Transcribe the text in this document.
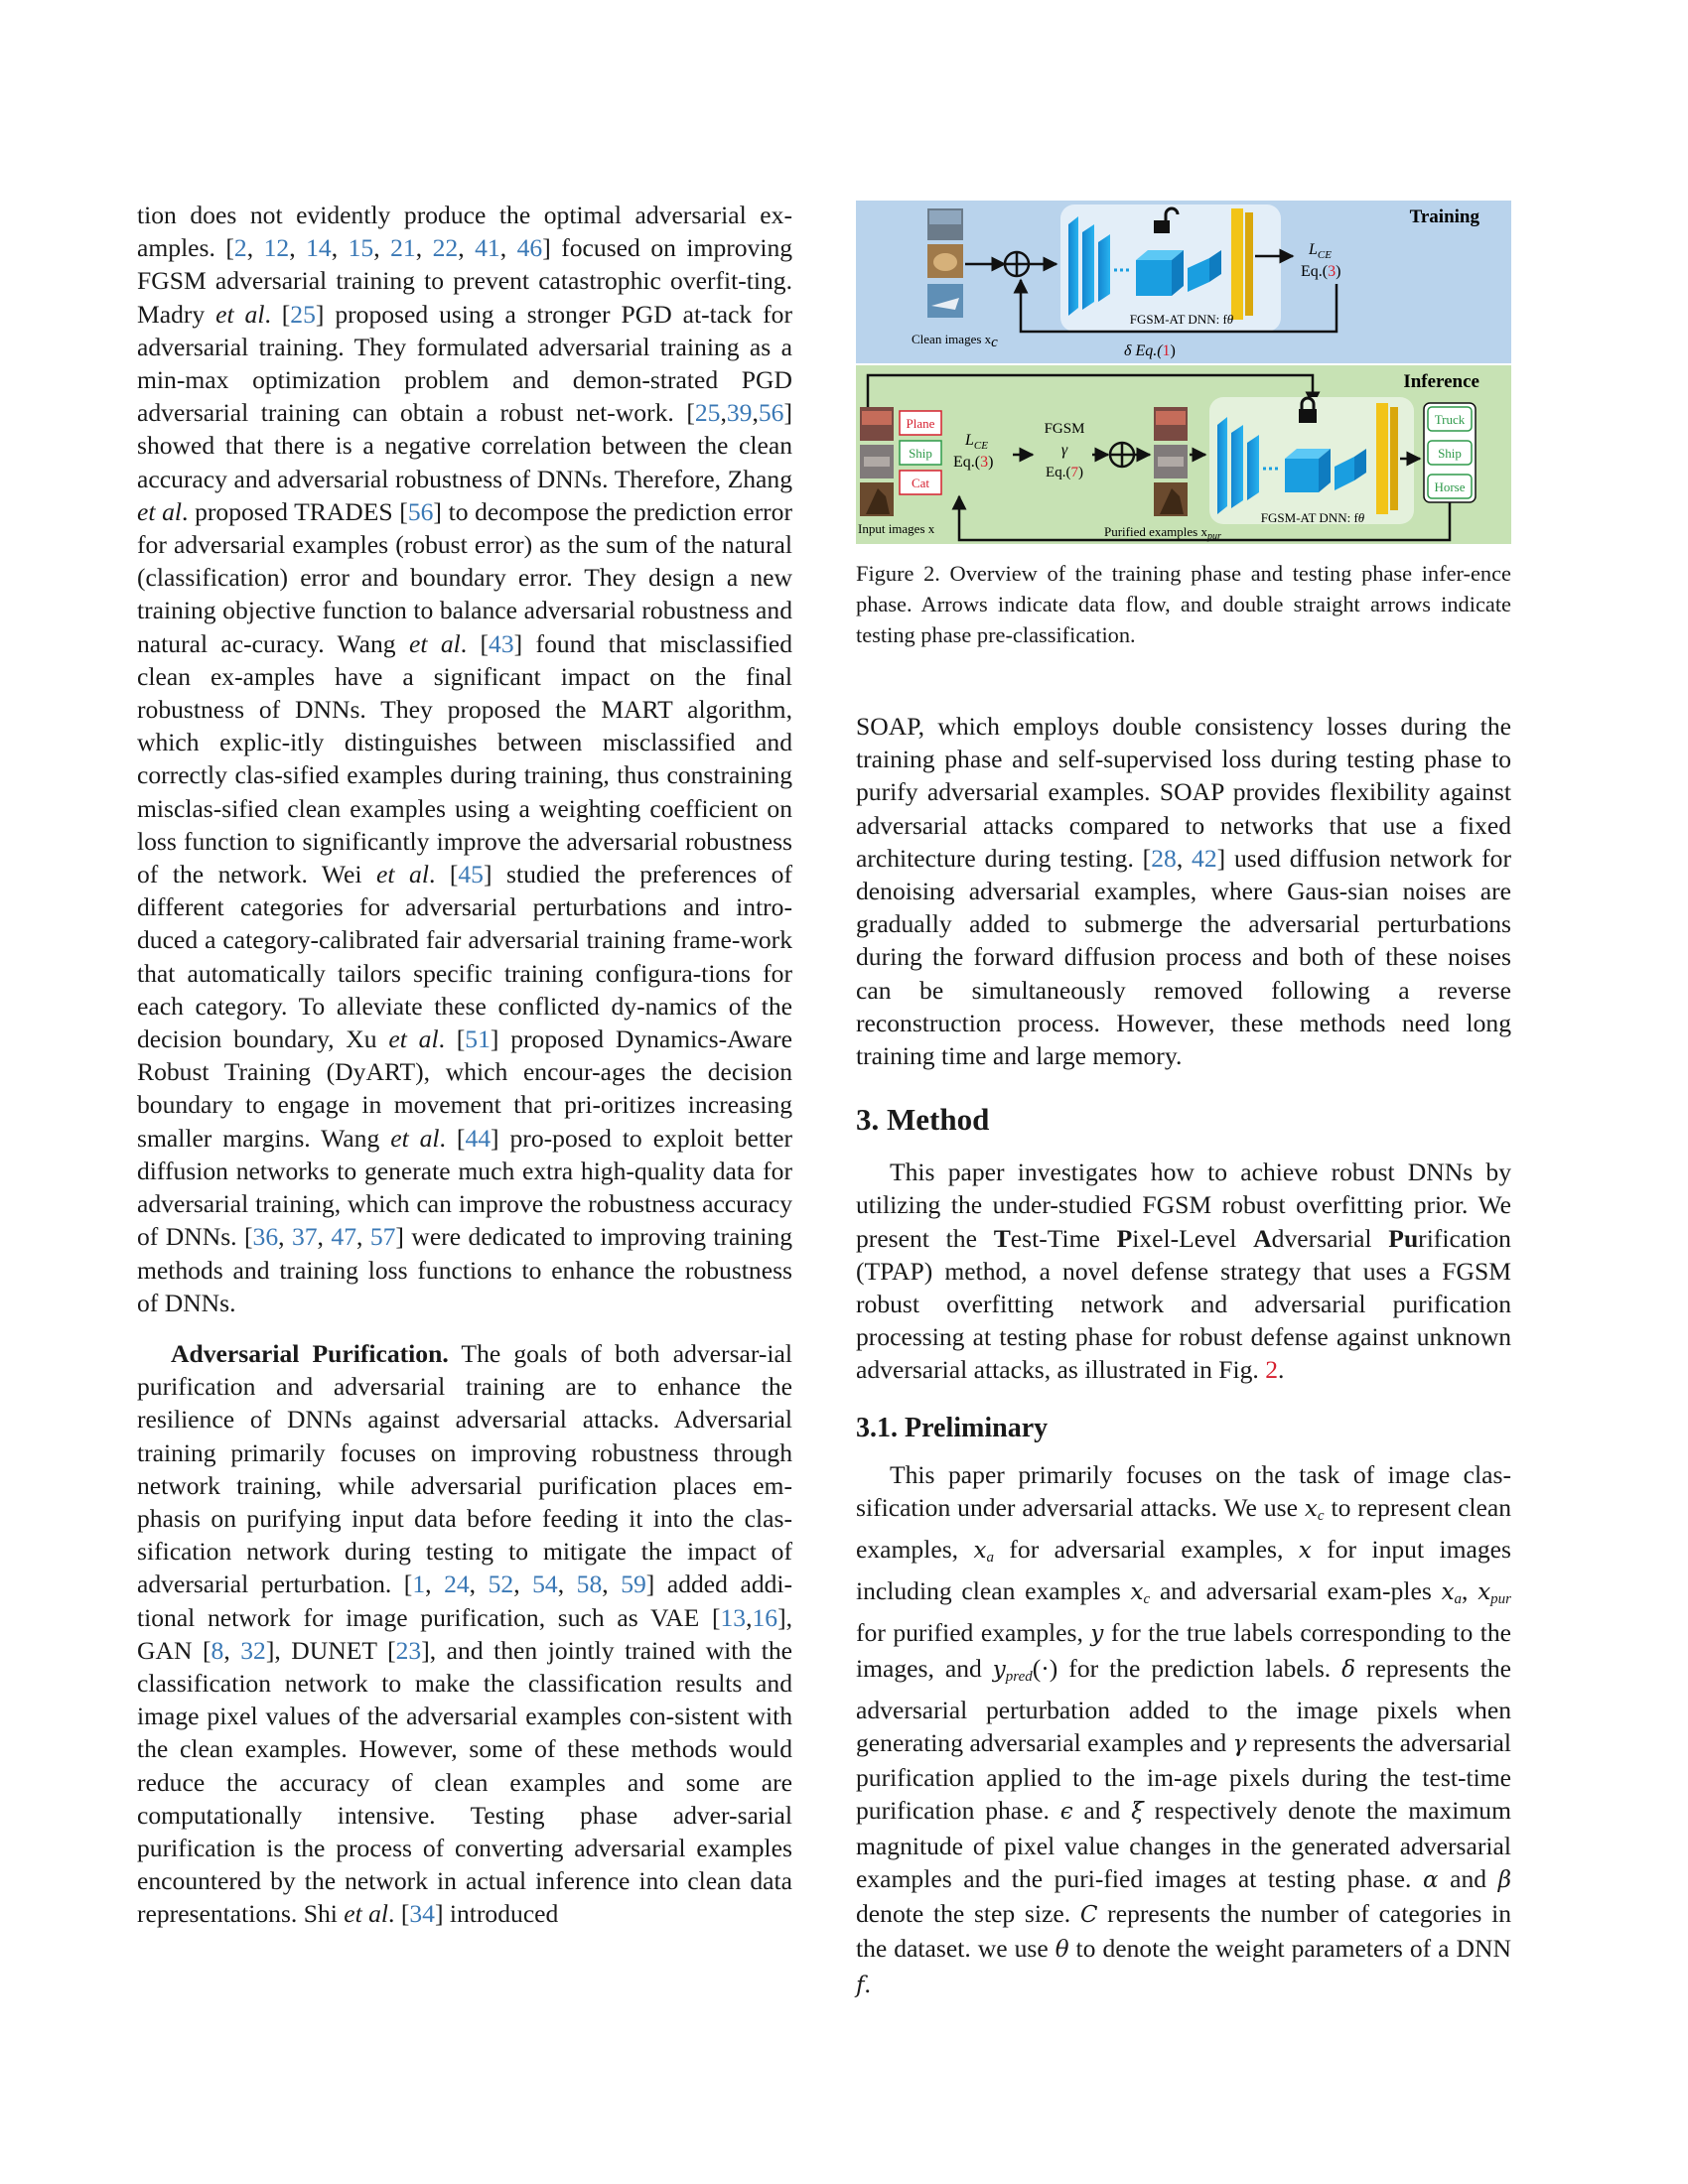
tion does not evidently produce the optimal adversarial ex-amples. [2, 12, 14, 15, 21, 22, 41, 46] focused on improving FGSM adversarial training to prevent catastrophic overfit-ting. Madry et al. [25] proposed using a stronger PGD at-tack for adversarial training. They formulated adversarial training as a min-max optimization problem and demon-strated PGD adversarial training can obtain a robust net-work. [25,39,56] showed that there is a negative correlation between the clean accuracy and adversarial robustness of DNNs. Therefore, Zhang et al. proposed TRADES [56] to decompose the prediction error for adversarial examples (robust error) as the sum of the natural (classification) error and boundary error. They design a new training objective function to balance adversarial robustness and natural ac-curacy. Wang et al. [43] found that misclassified clean ex-amples have a significant impact on the final robustness of DNNs. They proposed the MART algorithm, which explic-itly distinguishes between misclassified and correctly clas-sified examples during training, thus constraining misclas-sified clean examples using a weighting coefficient on loss function to significantly improve the adversarial robustness of the network. Wei et al. [45] studied the preferences of different categories for adversarial perturbations and intro-duced a category-calibrated fair adversarial training frame-work that automatically tailors specific training configura-tions for each category. To alleviate these conflicted dy-namics of the decision boundary, Xu et al. [51] proposed Dynamics-Aware Robust Training (DyART), which encour-ages the decision boundary to engage in movement that pri-oritizes increasing smaller margins. Wang et al. [44] pro-posed to exploit better diffusion networks to generate much extra high-quality data for adversarial training, which can improve the robustness accuracy of DNNs. [36, 37, 47, 57] were dedicated to improving training methods and training loss functions to enhance the robustness of DNNs.

Adversarial Purification. The goals of both adversar-ial purification and adversarial training are to enhance the resilience of DNNs against adversarial attacks. Adversarial training primarily focuses on improving robustness through network training, while adversarial purification places em-phasis on purifying input data before feeding it into the clas-sification network during testing to mitigate the impact of adversarial perturbation. [1, 24, 52, 54, 58, 59] added addi-tional network for image purification, such as VAE [13,16], GAN [8, 32], DUNET [23], and then jointly trained with the classification network to make the classification results and image pixel values of the adversarial examples con-sistent with the clean examples. However, some of these methods would reduce the accuracy of clean examples and some are computationally intensive. Testing phase adver-sarial purification is the process of converting adversarial examples encountered by the network in actual inference into clean data representations. Shi et al. [34] introduced

Training
Clean images xc
FGSM-AT DNN: fθ
$L_{CE}$
Eq.(3)
δ Eq.(1)
Inference
Plane
Ship
Cat
Input images x
$L_{CE}$
Eq.(3)
FGSM
γ
Eq.(7)
Purified examples $x_{pur}$
FGSM-AT DNN: fθ
Truck
Ship
Horse

Figure 2. Overview of the training phase and testing phase infer-ence phase. Arrows indicate data flow, and double straight arrows indicate testing phase pre-classification.

SOAP, which employs double consistency losses during the training phase and self-supervised loss during testing phase to purify adversarial examples. SOAP provides flexibility against adversarial attacks compared to networks that use a fixed architecture during testing. [28, 42] used diffusion network for denoising adversarial examples, where Gaus-sian noises are gradually added to submerge the adversarial perturbations during the forward diffusion process and both of these noises can be simultaneously removed following a reverse reconstruction process. However, these methods need long training time and large memory.

3. Method

This paper investigates how to achieve robust DNNs by utilizing the under-studied FGSM robust overfitting prior. We present the Test-Time Pixel-Level Adversarial Purification (TPAP) method, a novel defense strategy that uses a FGSM robust overfitting network and adversarial purification processing at testing phase for robust defense against unknown adversarial attacks, as illustrated in Fig. 2.

3.1. Preliminary

This paper primarily focuses on the task of image clas-sification under adversarial attacks. We use $x_c$ to represent clean examples, $x_a$ for adversarial examples, x for input images including clean examples $x_c$ and adversarial exam-ples $x_a$, $x_{pur}$ for purified examples, y for the true labels corresponding to the images, and $y_{pred}(\cdot)$ for the prediction labels. δ represents the adversarial perturbation added to the image pixels when generating adversarial examples and γ represents the adversarial purification applied to the im-age pixels during the test-time purification phase. ϵ and ξ respectively denote the maximum magnitude of pixel value changes in the generated adversarial examples and the puri-fied images at testing phase. α and β denote the step size. C represents the number of categories in the dataset. we use θ to denote the weight parameters of a DNN f.
